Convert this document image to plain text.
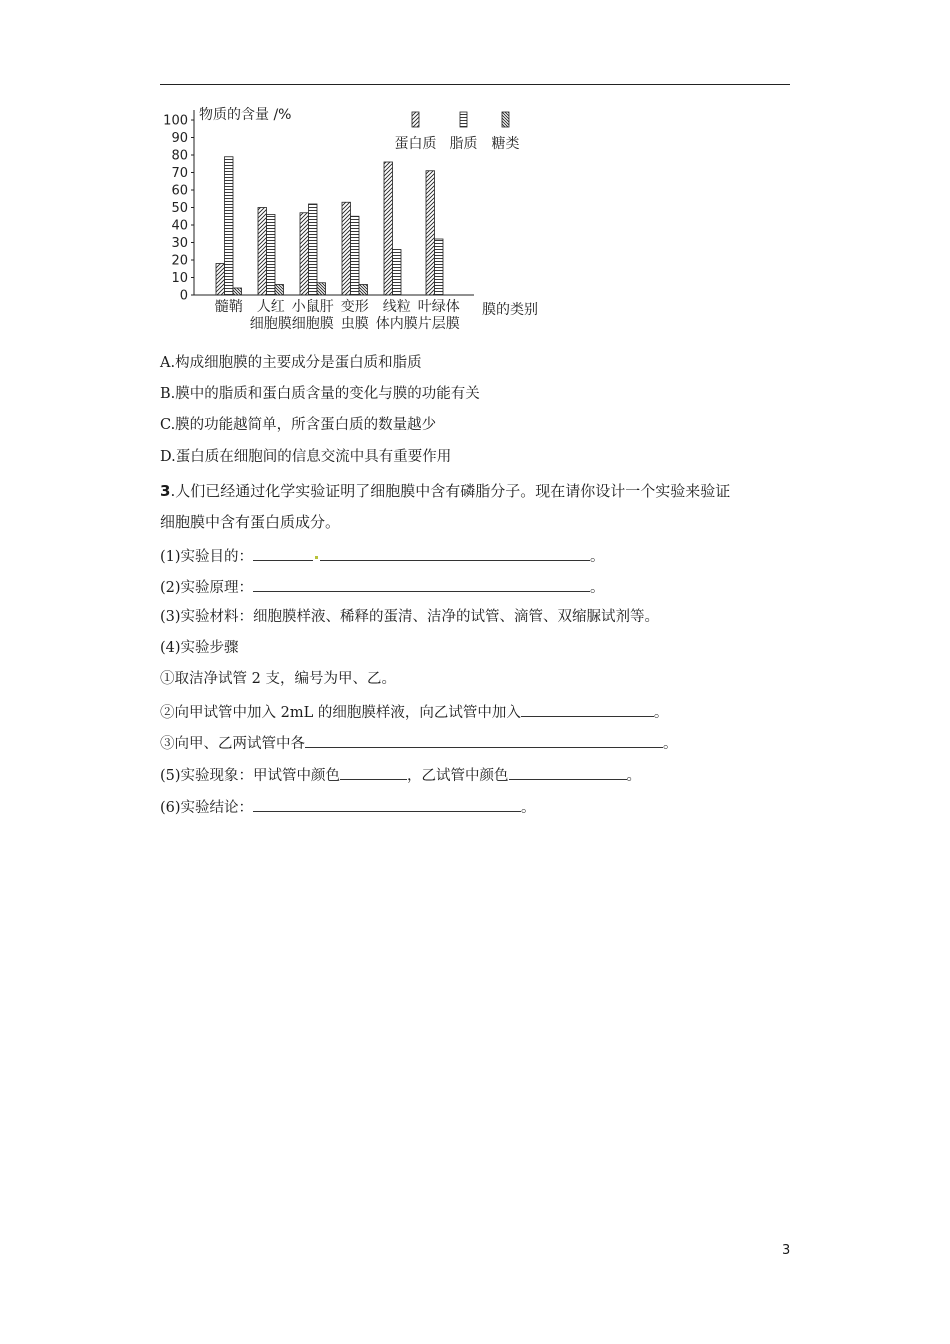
物质的含量 /%
0
10
20
30
40
50
60
70
80
90
100
髓鞘 人红
细胞膜
小鼠肝
细胞膜
变形
虫膜
线粒
体内膜
叶绿体
片层膜
膜的类别
蛋白质 脂质 糖类
A.构成细胞膜的主要成分是蛋白质和脂质
B.膜中的脂质和蛋白质含量的变化与膜的功能有关
C.膜的功能越简单，所含蛋白质的数量越少
D.蛋白质在细胞间的信息交流中具有重要作用
3.人们已经通过化学实验证明了细胞膜中含有磷脂分子。现在请你设计一个实验来验证
细胞膜中含有蛋白质成分。
(1)实验目的：	。
(2)实验原理：	。
(3)实验材料：细胞膜样液、稀释的蛋清、洁净的试管、滴管、双缩脲试剂等。
(4)实验步骤
①取洁净试管 2 支，编号为甲、乙。
②向甲试管中加入 2mL 的细胞膜样液，向乙试管中加入	。
③向甲、乙两试管中各	。
(5)实验现象：甲试管中颜色	，乙试管中颜色	。
(6)实验结论：	。
3
